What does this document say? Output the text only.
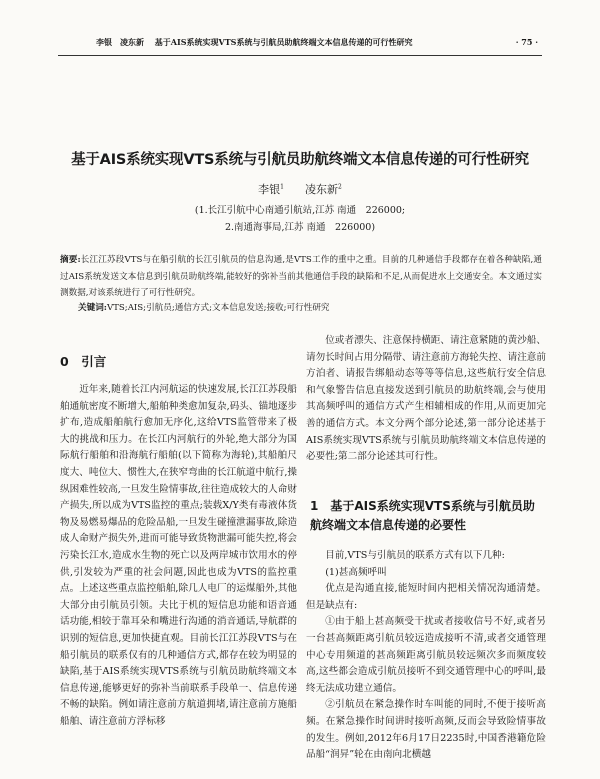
李银　凌东新 基于AIS系统实现VTS系统与引航员助航终端文本信息传递的可行性研究	· 75 ·
基于AIS系统实现VTS系统与引航员助航终端文本信息传递的可行性研究
李银$^1$ 凌东新$^2$
(1.长江引航中心南通引航站,江苏 南通　226000;
2.南通海事局,江苏 南通　226000)
摘要:长江江苏段VTS与在船引航的长江引航员的信息沟通,是VTS工作的重中之重。目前的几种通信手段都存在着各种缺陷,通过AIS系统发送文本信息到引航员助航终端,能较好的弥补当前其他通信手段的缺陷和不足,从而促进水上交通安全。本文通过实测数据,对该系统进行了可行性研究。
关键词:VTS;AIS;引航员;通信方式;文本信息发送;接收;可行性研究
0　引言

近年来,随着长江内河航运的快速发展,长江江苏段船舶通航密度不断增大,船舶种类愈加复杂,码头、锚地逐步扩布,造成船舶航行愈加无序化,这给VTS监管带来了极大的挑战和压力。在长江内河航行的外轮,绝大部分为国际航行船舶和沿海航行船舶(以下简称为海轮),其船舶尺度大、吨位大、惯性大,在狭窄弯曲的长江航道中航行,操纵困难性较高,一旦发生险情事故,往往造成较大的人命财产损失,所以成为VTS监控的重点;装载X/Y类有毒液体货物及易燃易爆品的危险品船,一旦发生碰撞泄漏事故,除造成人命财产损失外,进而可能导致货物泄漏可能失控,将会污染长江水,造成水生物的死亡以及两岸城市饮用水的停供,引发较为严重的社会问题,因此也成为VTS的监控重点。上述这些重点监控船舶,除几人电厂的运煤船外,其他大部分由引航员引领。夫比于机的短信息功能和语音通话功能,相较于靠耳朵和嘴进行沟通的消音通话,导航群的识别的短信息,更加快捷直观。目前长江江苏段VTS与在船引航员的联系仅有的几种通信方式,都存在较为明显的缺陷,基于AIS系统实现VTS系统与引航员助航终端文本信息传递,能够更好的弥补当前联系手段单一、信息传递不畅的缺陷。例如请注意前方航道拥堵,请注意前方施船船舶、请注意前方浮标移

位或者漂失、注意保持横距、请注意紧随的黄沙船、请勿长时间占用分隔带、请注意前方海轮失控、请注意前方泊者、请报告绑船动态等等等信息,这些航行安全信息和气象警告信息直接发送到引航员的助航终端,会与使用其高频呼叫的通信方式产生相辅相成的作用,从而更加完善的通信方式。本文分两个部分论述,第一部分论述基于AIS系统实现VTS系统与引航员助航终端文本信息传递的必要性;第二部分论述其可行性。

1　基于AIS系统实现VTS系统与引航员助航终端文本信息传递的必要性

目前,VTS与引航员的联系方式有以下几种:

(1)甚高频呼叫

优点是沟通直接,能短时间内把相关情况沟通清楚。但是缺点有:

①由于船上甚高频受干扰或者接收信号不好,或者另一台甚高频距离引航员较远造成接听不清,或者交通管理中心专用频道的甚高频距离引航员较远频次多而频度较高,这些都会造成引航员接听不到交通管理中心的呼叫,最终无法成功建立通信。

②引航员在紧急操作时车叫能的同时,不便于接听高频。在紧急操作时间讲时接听高频,反而会导致险情事故的发生。例如,2012年6月17日2235时,中国香港籍危险品船“润昇”轮在由南向北横越
